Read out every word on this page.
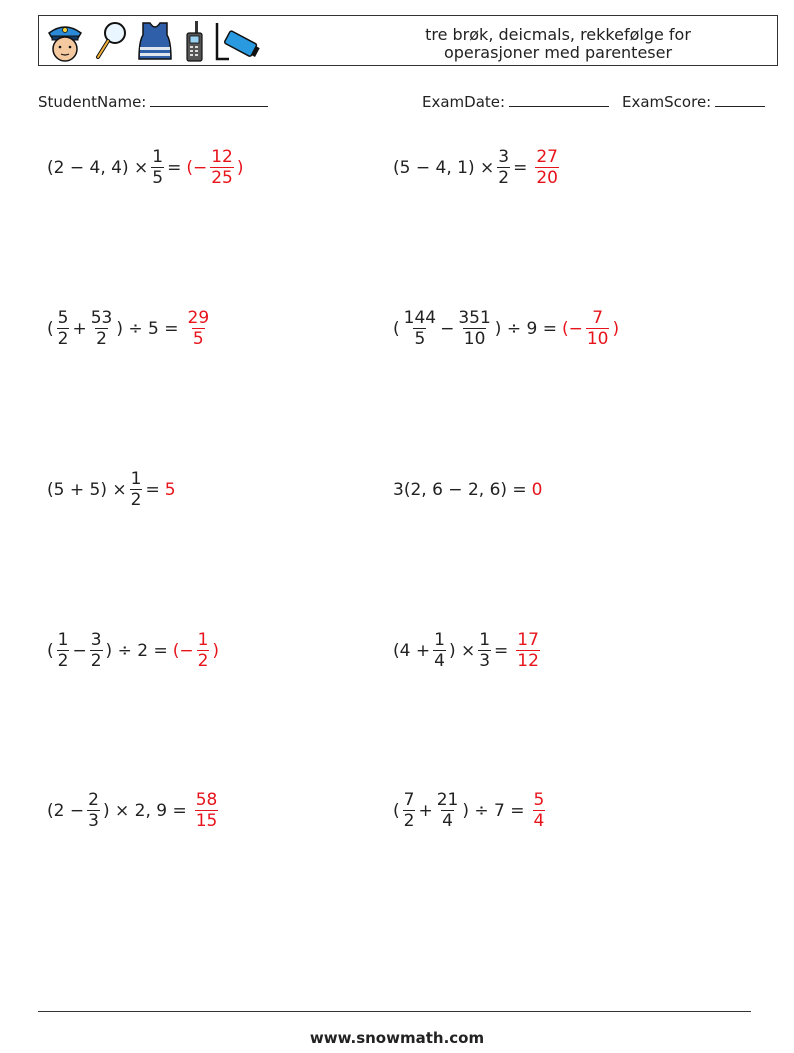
tre brøk, deicmals, rekkefølge for
operasjoner med parenteser
StudentName:	ExamDate:	ExamScore:
(2 − 4, $4) \times \frac{1}{5}$ = (− $\frac{12}{25}$ )	(5 − 4, $1) \times \frac{3}{2} = \frac{27}{20}$
( $\frac{5}{2} + \frac{53}{2}$ ) ÷ $5 = \frac{29}{5}$	( $\frac{144}{5} - \frac{351}{10}$ ) ÷ 9 = (− $\frac{7}{10}$ )
$(5 + 5) \times \frac{1}{2} = 5$	3(2, 6 − 2, 6) = 0
( $\frac{1}{2} - \frac{3}{2}$ ) ÷ 2 = (− $\frac{1}{2}$ )	($4 + \frac{1}{4}$ ) × $\frac{1}{3} = \frac{17}{12}$
($2 - \frac{2}{3}$ ) × 2, $9 = \frac{58}{15}$	( $\frac{7}{2} + \frac{21}{4}$ ) ÷ $7 = \frac{5}{4}$
www.snowmath.com
